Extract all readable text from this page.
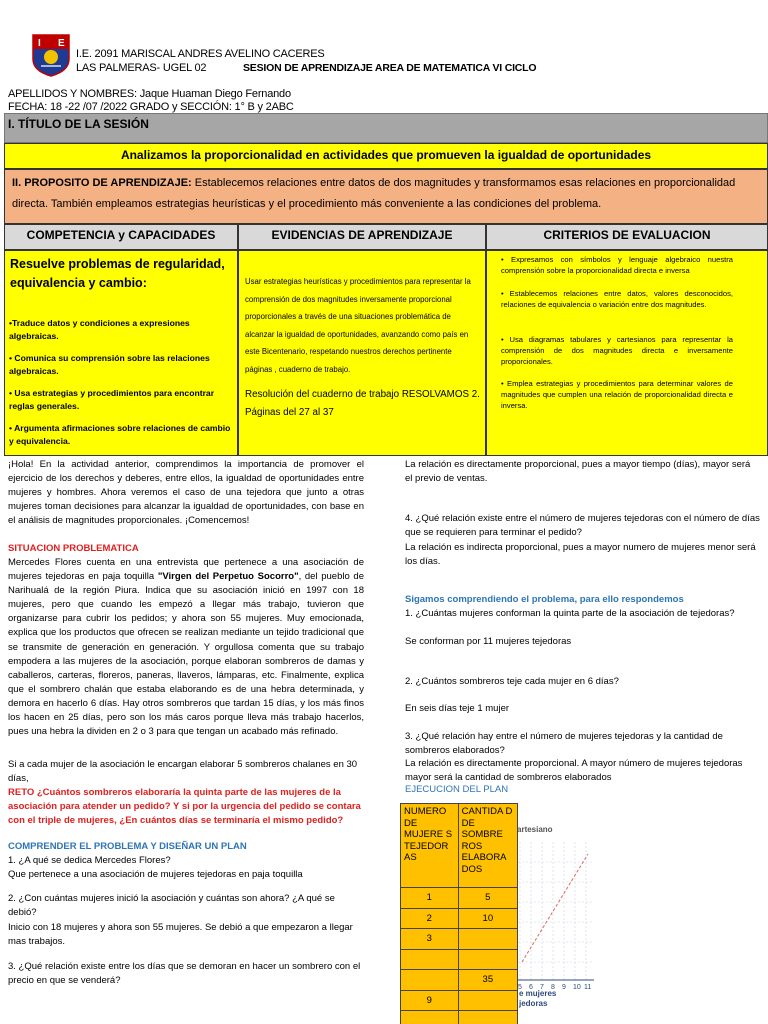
I E
I.E. 2091 MARISCAL ANDRES AVELINO CACERES
LAS PALMERAS- UGEL 02	SESION DE APRENDIZAJE AREA DE MATEMATICA VI CICLO
APELLIDOS Y NOMBRES: Jaque Huaman Diego Fernando
FECHA: 18 -22 /07 /2022 GRADO y SECCIÓN: 1° B y 2ABC
I. TÍTULO DE LA SESIÓN
Analizamos la proporcionalidad en actividades que promueven la igualdad de oportunidades

II. PROPOSITO DE APRENDIZAJE: Establecemos relaciones entre datos de dos magnitudes y transformamos esas relaciones en proporcionalidad directa. También empleamos estrategias heurísticas y el procedimiento más conveniente a las condiciones del problema.

COMPETENCIA y CAPACIDADES	EVIDENCIAS DE APRENDIZAJE	CRITERIOS DE EVALUACION
Resuelve problemas de regularidad, equivalencia y cambio:
•Traduce datos y condiciones a expresiones algebraicas.
• Comunica su comprensión sobre las relaciones algebraicas.
• Usa estrategias y procedimientos para encontrar reglas generales.
• Argumenta afirmaciones sobre relaciones de cambio y equivalencia.
Usar estrategias heurísticas y procedimientos para representar la comprensión de dos magnitudes inversamente proporcional proporcionales a través de una situaciones problemática de alcanzar la igualdad de oportunidades, avanzando como país en este Bicentenario, respetando nuestros derechos pertinente páginas , cuaderno de trabajo.
Resolución del cuaderno de trabajo RESOLVAMOS 2. Páginas del 27 al 37
• Expresamos con símbolos y lenguaje algebraico nuestra comprensión sobre la proporcionalidad directa e inversa
• Establecemos relaciones entre datos, valores desconocidos, relaciones de equivalencia o variación entre dos magnitudes.
• Usa diagramas tabulares y cartesianos para representar la comprensión de dos magnitudes directa e inversamente proporcionales.
• Emplea estrategias y procedimientos para determinar valores de magnitudes que cumplen una relación de proporcionalidad directa e inversa.
¡Hola! En la actividad anterior, comprendimos la importancia de promover el ejercicio de los derechos y deberes, entre ellos, la igualdad de oportunidades entre mujeres y hombres. Ahora veremos el caso de una tejedora que junto a otras mujeres toman decisiones para alcanzar la igualdad de oportunidades, con base en el análisis de magnitudes proporcionales. ¡Comencemos!
SITUACION PROBLEMATICA
Mercedes Flores cuenta en una entrevista que pertenece a una asociación de mujeres tejedoras en paja toquilla "Virgen del Perpetuo Socorro", del pueblo de Narihualá de la región Piura. Indica que su asociación inició en 1997 con 18 mujeres, pero que cuando les empezó a llegar más trabajo, tuvieron que organizarse para cubrir los pedidos; y ahora son 55 mujeres. Muy emocionada, explica que los productos que ofrecen se realizan mediante un tejido tradicional que se transmite de generación en generación. Y orgullosa comenta que su trabajo empodera a las mujeres de la asociación, porque elaboran sombreros de damas y caballeros, carteras, floreros, paneras, llaveros, lámparas, etc. Finalmente, explica que el sombrero chalán que estaba elaborando es de una hebra determinada, y demora en hacerlo 6 días. Hay otros sombreros que tardan 15 días, y los más finos los hacen en 25 días, pero son los más caros porque lleva más trabajo hacerlos, pues una hebra la dividen en 2 o 3 para que tengan un acabado más refinado.
Si a cada mujer de la asociación le encargan elaborar 5 sombreros chalanes en 30 días,
RETO ¿Cuántos sombreros elaboraría la quinta parte de las mujeres de la asociación para atender un pedido? Y si por la urgencia del pedido se contara con el triple de mujeres, ¿En cuántos días se terminaría el mismo pedido?
COMPRENDER EL PROBLEMA Y DISEÑAR UN PLAN
1. ¿A qué se dedica Mercedes Flores?
Que pertenece a una asociación de mujeres tejedoras en paja toquilla
2. ¿Con cuántas mujeres inició la asociación y cuántas son ahora? ¿A qué se debió?
Inicio con 18 mujeres y ahora son 55 mujeres. Se debió a que empezaron a llegar mas trabajos.
3. ¿Qué relación existe entre los días que se demoran en hacer un sombrero con el precio en que se venderá?
La relación es directamente proporcional, pues a mayor tiempo (días), mayor será el previo de ventas.
4. ¿Qué relación existe entre el número de mujeres tejedoras con el número de días que se requieren para terminar el pedido?
La relación es indirecta proporcional, pues a mayor numero de mujeres menor será los días.
Sigamos comprendiendo el problema, para ello respondemos
1. ¿Cuántas mujeres conforman la quinta parte de la asociación de tejedoras?
Se conforman por 11 mujeres tejedoras
2. ¿Cuántos sombreros teje cada mujer en 6 días?
En seis días teje 1 mujer
3. ¿Qué relación hay entre el número de mujeres tejedoras y la cantidad de sombreros elaborados?
La relación es directamente proporcional. A mayor número de mujeres tejedoras mayor será la cantidad de sombreros elaborados
EJECUCION DEL PLAN
artesiano
5 6 7 8 9 10 11
e mujeres
jedoras
NUMERO DE MUJERE S TEJEDOR AS	CANTIDA D DE SOMBRE ROS ELABORA DOS
1	5
2	10
3	

	35
9	
